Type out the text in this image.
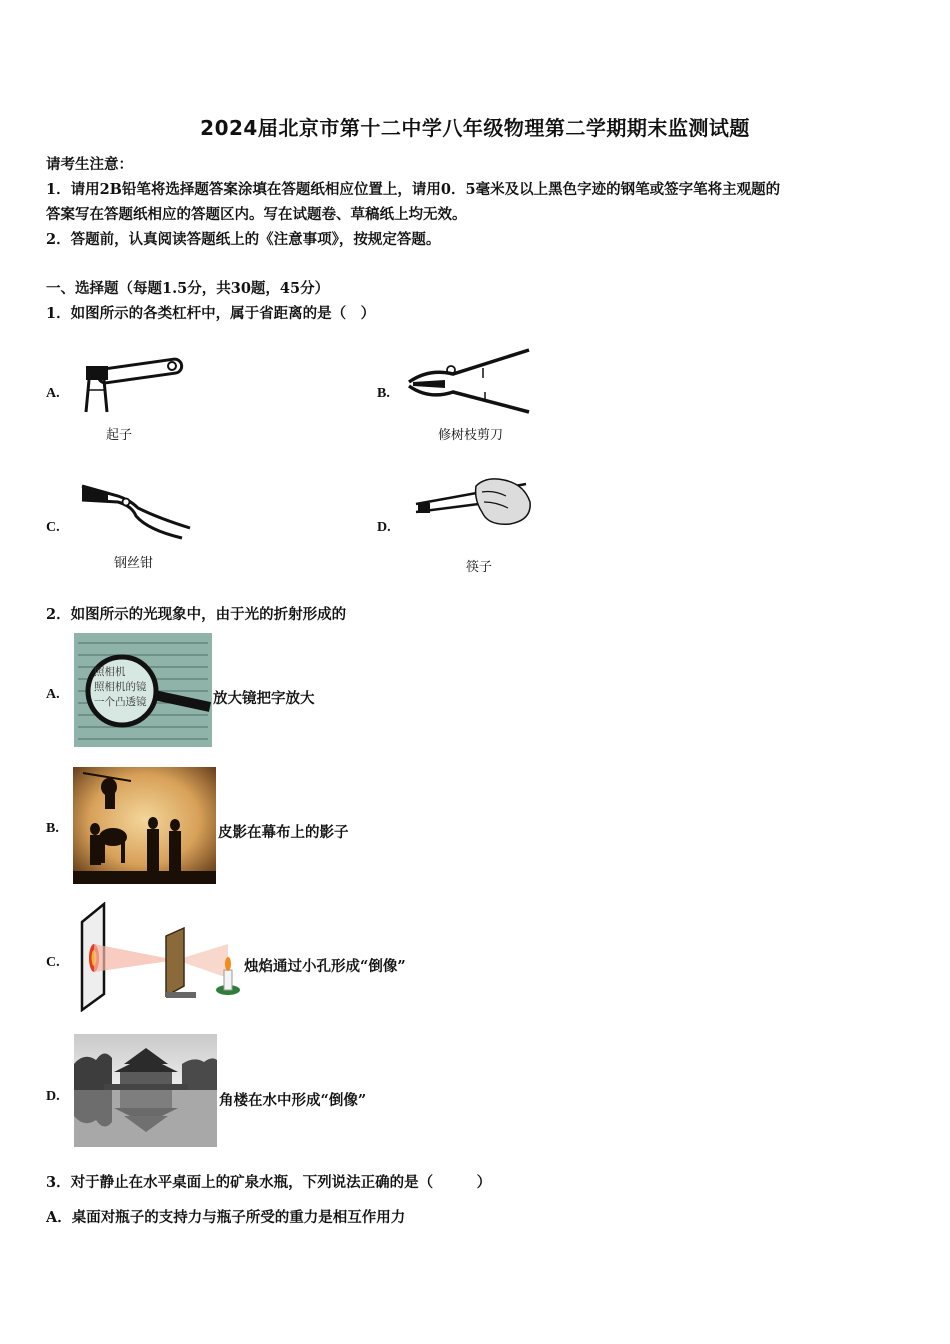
2024届北京市第十二中学八年级物理第二学期期末监测试题
请考生注意：
1．请用2B铅笔将选择题答案涂填在答题纸相应位置上，请用0．5毫米及以上黑色字迹的钢笔或签字笔将主观题的
答案写在答题纸相应的答题区内。写在试题卷、草稿纸上均无效。
2．答题前，认真阅读答题纸上的《注意事项》，按规定答题。
一、选择题（每题1.5分，共30题，45分）
1．如图所示的各类杠杆中，属于省距离的是（　）
A.
起子
B.
修树枝剪刀
C.
钢丝钳
D.
筷子
2．如图所示的光现象中，由于光的折射形成的
A.
照相机
照相机的镜
一个凸透镜	放大镜把字放大
B.	皮影在幕布上的影子
C.	烛焰通过小孔形成“倒像”
D.	角楼在水中形成“倒像”
3．对于静止在水平桌面上的矿泉水瓶，下列说法正确的是（　　　）
A．桌面对瓶子的支持力与瓶子所受的重力是相互作用力
